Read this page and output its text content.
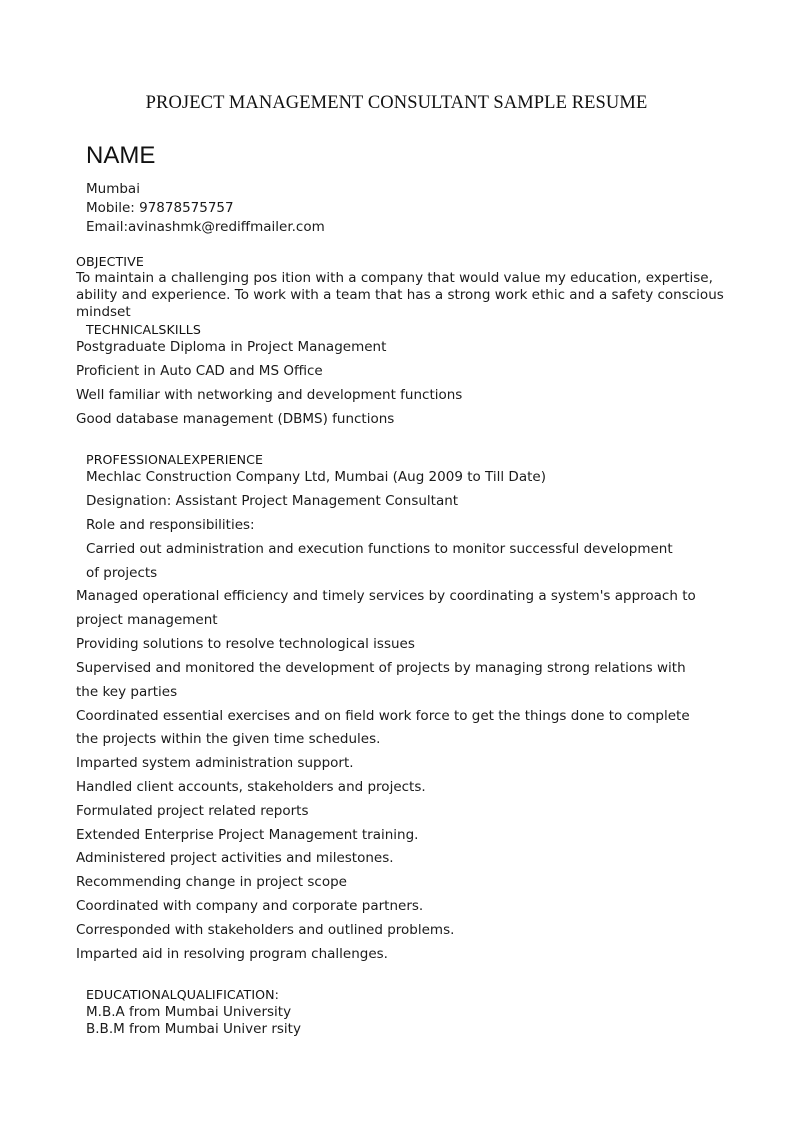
PROJECT MANAGEMENT CONSULTANT SAMPLE RESUME
NAME
Mumbai
Mobile: 97878575757
Email:avinashmk@rediffmailer.com
OBJECTIVE
To maintain a challenging pos ition with a company that would value my education, expertise, ability and experience. To work with a team that has a strong work ethic and a safety conscious mindset
TECHNICALSKILLS
Postgraduate Diploma in Project Management
Proficient in Auto CAD and MS Office
Well familiar with networking and development functions
Good database management (DBMS) functions
PROFESSIONALEXPERIENCE
Mechlac Construction Company Ltd, Mumbai (Aug 2009 to Till Date)
Designation: Assistant Project Management Consultant
Role and responsibilities:
Carried out administration and execution functions to monitor successful development
of projects
Managed operational efficiency and timely services by coordinating a system's approach to
project management
Providing solutions to resolve technological issues
Supervised and monitored the development of projects by managing strong relations with
the key parties
Coordinated essential exercises and on field work force to get the things done to complete
the projects within the given time schedules.
Imparted system administration support.
Handled client accounts, stakeholders and projects.
Formulated project related reports
Extended Enterprise Project Management training.
Administered project activities and milestones.
Recommending change in project scope
Coordinated with company and corporate partners.
Corresponded with stakeholders and outlined problems.
Imparted aid in resolving program challenges.
EDUCATIONALQUALIFICATION:
M.B.A from Mumbai University
B.B.M from Mumbai Univer rsity
